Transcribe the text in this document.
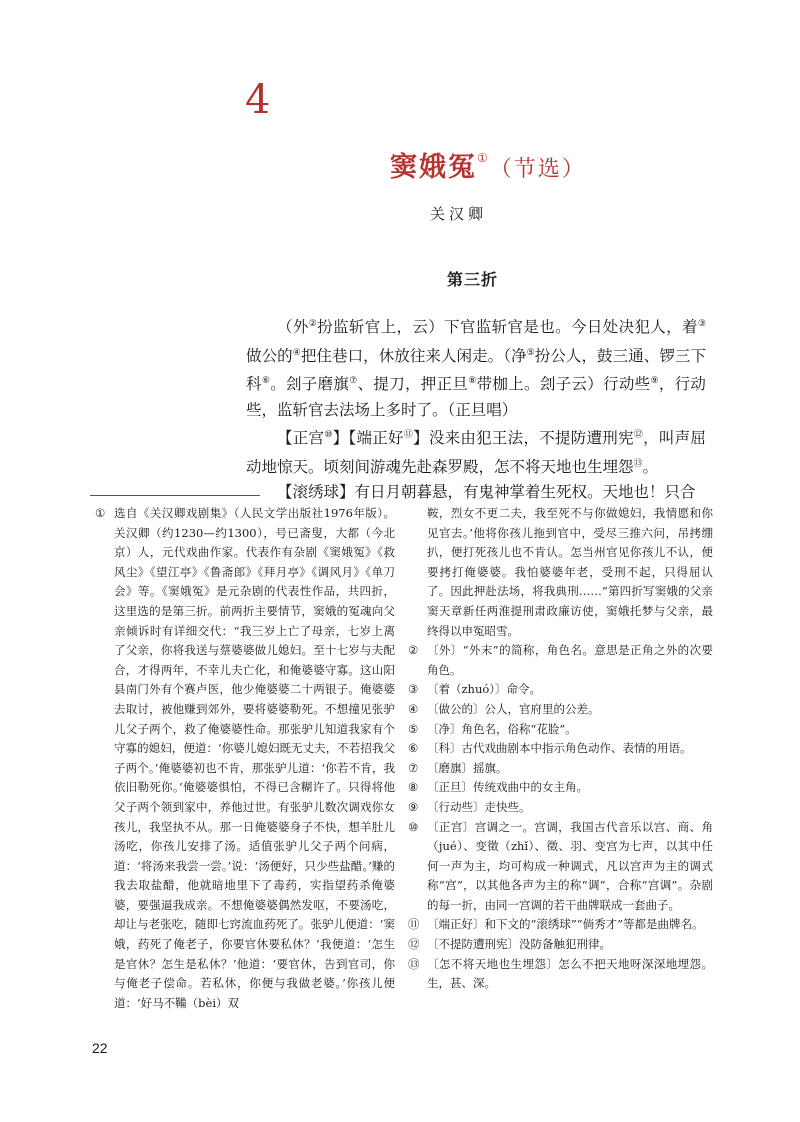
4
窦娥冤①（节选）
关汉卿
第三折

（外②扮监斩官上，云）下官监斩官是也。今日处决犯人，着③做公的④把住巷口，休放往来人闲走。（净⑤扮公人，鼓三通、锣三下科⑥。刽子磨旗⑦、提刀，押正旦⑧带枷上。刽子云）行动些⑨，行动些，监斩官去法场上多时了。（正旦唱）

【正宫⑩】【端正好⑪】没来由犯王法，不提防遭刑宪⑫，叫声屈动地惊天。顷刻间游魂先赴森罗殿，怎不将天地也生埋怨⑬。

【滚绣球】有日月朝暮悬，有鬼神掌着生死权。天地也！只合

① 选自《关汉卿戏剧集》（人民文学出版社1976年版）。关汉卿（约1230—约1300），号已斋叟，大都（今北京）人，元代戏曲作家。代表作有杂剧《窦娥冤》《救风尘》《望江亭》《鲁斋郎》《拜月亭》《调风月》《单刀会》等。《窦娥冤》是元杂剧的代表性作品，共四折，这里选的是第三折。前两折主要情节，窦娥的冤魂向父亲倾诉时有详细交代：“我三岁上亡了母亲，七岁上离了父亲，你将我送与蔡婆婆做儿媳妇。至十七岁与夫配合，才得两年，不幸儿夫亡化，和俺婆婆守寡。这山阳县南门外有个赛卢医，他少俺婆婆二十两银子。俺婆婆去取讨，被他赚到郊外，要将婆婆勒死。不想撞见张驴儿父子两个，救了俺婆婆性命。那张驴儿知道我家有个守寡的媳妇，便道：‘你婆儿媳妇既无丈夫，不若招我父子两个。’俺婆婆初也不肯，那张驴儿道：‘你若不肯，我依旧勒死你。’俺婆婆惧怕，不得已含糊许了。只得将他父子两个领到家中，养他过世。有张驴儿数次调戏你女孩儿，我坚执不从。那一日俺婆婆身子不快，想羊肚儿汤吃，你孩儿安排了汤。适值张驴儿父子两个问病，道：‘将汤来我尝一尝。’说：‘汤便好，只少些盐醋。’赚的我去取盐醋，他就暗地里下了毒药，实指望药杀俺婆婆，要强逼我成亲。不想俺婆婆偶然发呕，不要汤吃，却让与老张吃，随即七窍流血药死了。张驴儿便道：‘窦娥，药死了俺老子，你要官休要私休？’我便道：‘怎生是官休？怎生是私休？’他道：‘要官休，告到官司，你与俺老子偿命。若私休，你便与我做老婆。’你孩儿便道：‘好马不鞴（bèi）双
鞍，烈女不更二夫，我至死不与你做媳妇，我情愿和你见官去。’他将你孩儿拖到官中，受尽三推六问，吊拷绷扒，便打死孩儿也不肯认。怎当州官见你孩儿不认，便要拷打俺婆婆。我怕婆婆年老，受刑不起，只得屈认了。因此押赴法场，将我典刑……”第四折写窦娥的父亲窦天章新任两淮提刑肃政廉访使，窦娥托梦与父亲，最终得以申冤昭雪。
② 〔外〕“外末”的简称，角色名。意思是正角之外的次要角色。
③ 〔着（zhuó）〕命令。
④ 〔做公的〕公人，官府里的公差。
⑤ 〔净〕角色名，俗称“花脸”。
⑥ 〔科〕古代戏曲剧本中指示角色动作、表情的用语。
⑦ 〔磨旗〕摇旗。
⑧ 〔正旦〕传统戏曲中的女主角。
⑨ 〔行动些〕走快些。
⑩ 〔正宫〕宫调之一。宫调，我国古代音乐以宫、商、角（jué）、变徵（zhǐ）、徵、羽、变宫为七声，以其中任何一声为主，均可构成一种调式，凡以宫声为主的调式称“宫”，以其他各声为主的称“调”，合称“宫调”。杂剧的每一折，由同一宫调的若干曲牌联成一套曲子。
⑪ 〔端正好〕和下文的“滚绣球”“倘秀才”等都是曲牌名。
⑫ 〔不提防遭刑宪〕没防备触犯刑律。
⑬ 〔怎不将天地也生埋怨〕怎么不把天地呀深深地埋怨。生，甚、深。
22
